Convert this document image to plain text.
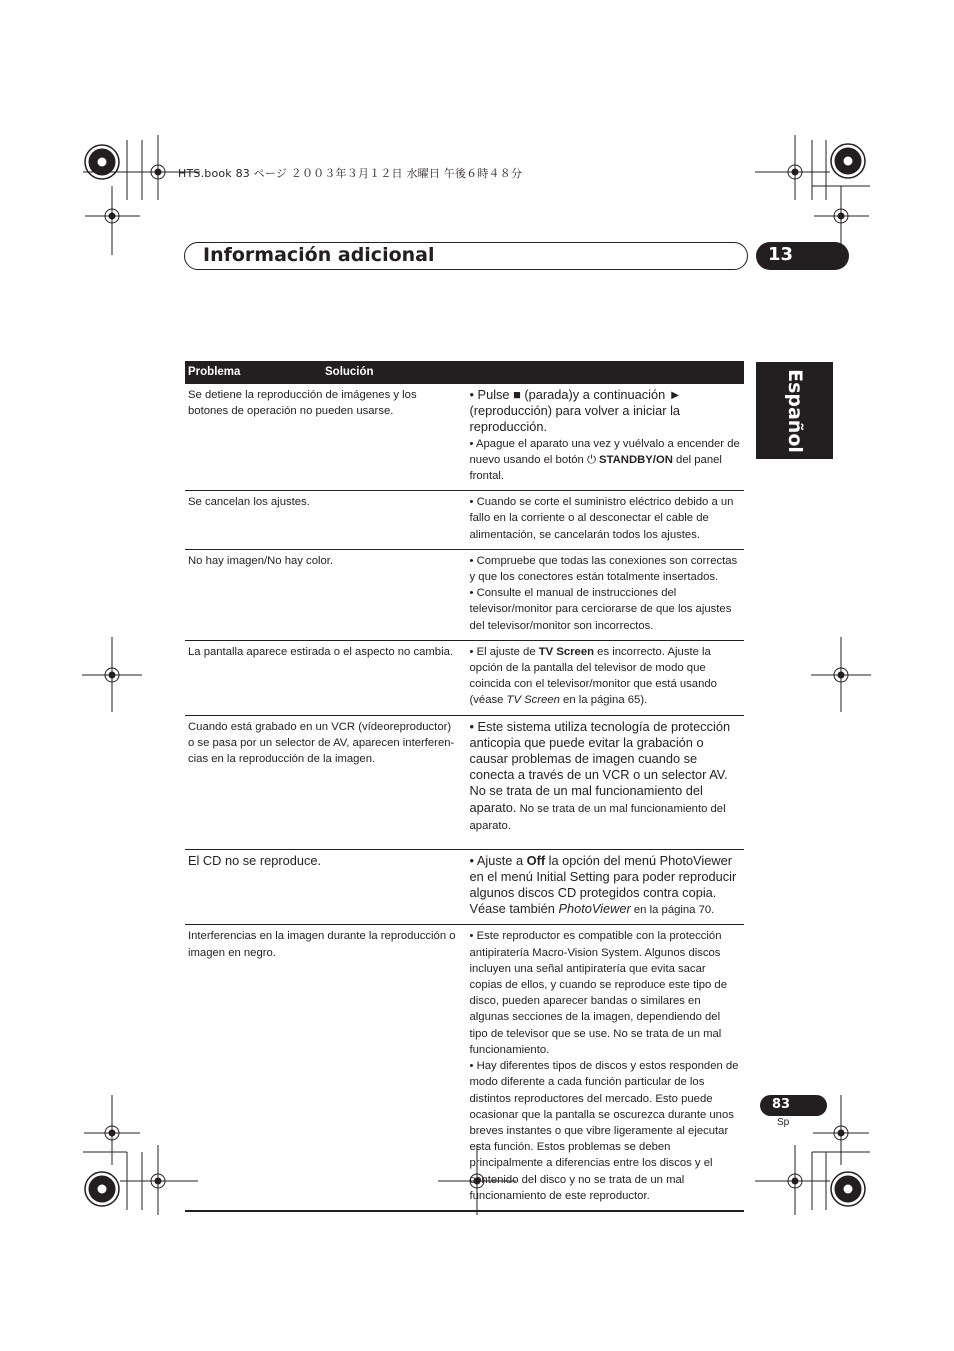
HTS.book 83 ページ ２００３年３月１２日 水曜日 午後６時４８分
Información adicional	13
Español
Problema Solución	

Se detiene la reproducción de imágenes y los botones de operación no pueden usarse.	• Pulse ■ (parada)y a continuación ► (reproducción) para volver a iniciar la reproducción.
• Apague el aparato una vez y vuélvalo a encender de nuevo usando el botón ⏻ STANDBY/ON del panel frontal.

Se cancelan los ajustes.	• Cuando se corte el suministro eléctrico debido a un fallo en la corriente o al desconectar el cable de alimentación, se cancelarán todos los ajustes.
No hay imagen/No hay color.	• Compruebe que todas las conexiones son correctas y que los conectores están totalmente insertados.
• Consulte el manual de instrucciones del televisor/monitor para cerciorarse de que los ajustes del televisor/monitor son incorrectos.

La pantalla aparece estirada o el aspecto no cambia.	• El ajuste de TV Screen es incorrecto. Ajuste la opción de la pantalla del televisor de modo que coincida con el televisor/monitor que está usando (véase TV Screen en la página 65).
Cuando está grabado en un VCR (vídeoreproductor) o se pasa por un selector de AV, aparecen interferen-cias en la reproducción de la imagen.	• Este sistema utiliza tecnología de protección anticopia que puede evitar la grabación o causar problemas de imagen cuando se conecta a través de un VCR o un selector AV. No se trata de un mal funcionamiento del aparato. No se trata de un mal funcionamiento del aparato.
El CD no se reproduce.	• Ajuste a Off la opción del menú PhotoViewer en el menú Initial Setting para poder reproducir algunos discos CD protegidos contra copia. Véase también PhotoViewer en la página 70.
Interferencias en la imagen durante la reproducción o imagen en negro.	• Este reproductor es compatible con la protección antipiratería Macro-Vision System. Algunos discos incluyen una señal antipiratería que evita sacar copias de ellos, y cuando se reproduce este tipo de disco, pueden aparecer bandas o similares en algunas secciones de la imagen, dependiendo del tipo de televisor que se use. No se trata de un mal funcionamiento.
• Hay diferentes tipos de discos y estos responden de modo diferente a cada función particular de los distintos reproductores del mercado. Esto puede ocasionar que la pantalla se oscurezca durante unos breves instantes o que vibre ligeramente al ejecutar esta función. Estos problemas se deben principalmente a diferencias entre los discos y el contenido del disco y no se trata de un mal funcionamiento de este reproductor.
83
Sp
